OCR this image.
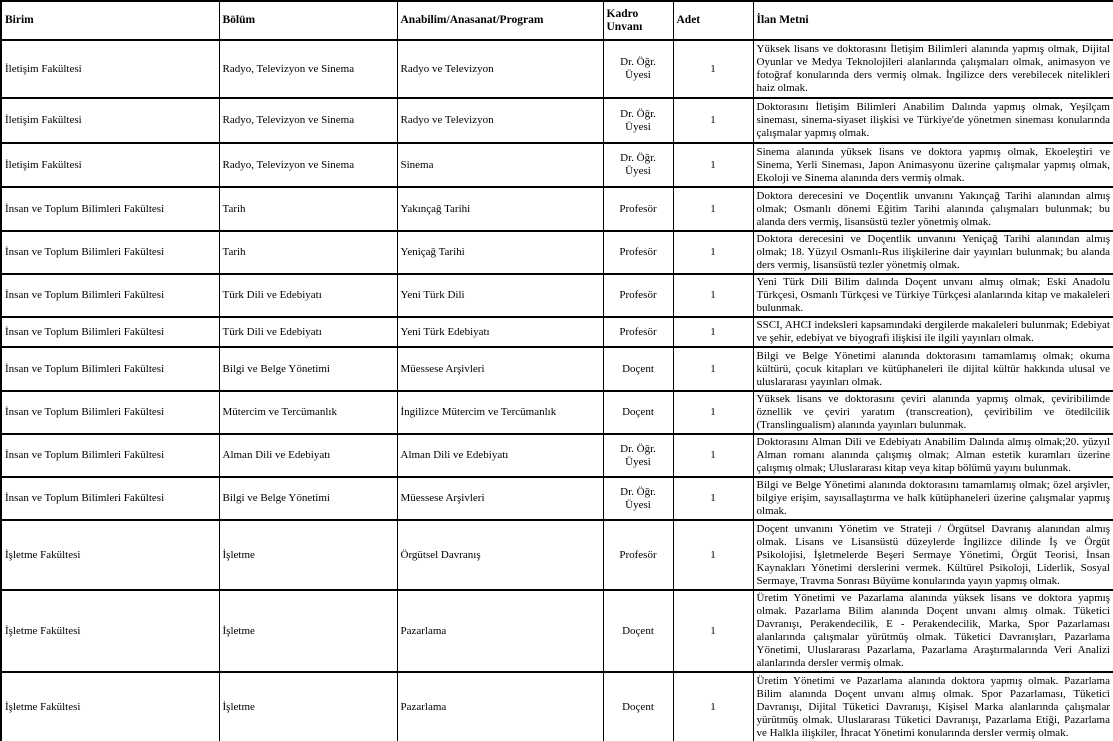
Birim	Bölüm	Anabilim/Anasanat/Program	Kadro Unvanı	Adet	İlan Metni
İletişim Fakültesi	Radyo, Televizyon ve Sinema	Radyo ve Televizyon	Dr. Öğr. Üyesi	1	Yüksek lisans ve doktorasını İletişim Bilimleri alanında yapmış olmak, Dijital Oyunlar ve Medya Teknolojileri alanlarında çalışmaları olmak, animasyon ve fotoğraf konularında ders vermiş olmak. İngilizce ders verebilecek nitelikleri haiz olmak.
İletişim Fakültesi	Radyo, Televizyon ve Sinema	Radyo ve Televizyon	Dr. Öğr. Üyesi	1	Doktorasını İletişim Bilimleri Anabilim Dalında yapmış olmak, Yeşilçam sineması, sinema-siyaset ilişkisi ve Türkiye'de yönetmen sineması konularında çalışmalar yapmış olmak.
İletişim Fakültesi	Radyo, Televizyon ve Sinema	Sinema	Dr. Öğr. Üyesi	1	Sinema alanında yüksek lisans ve doktora yapmış olmak, Ekoeleştiri ve Sinema, Yerli Sineması, Japon Animasyonu üzerine çalışmalar yapmış olmak, Ekoloji ve Sinema alanında ders vermiş olmak.
İnsan ve Toplum Bilimleri Fakültesi	Tarih	Yakınçağ Tarihi	Profesör	1	Doktora derecesini ve Doçentlik unvanını Yakınçağ Tarihi alanından almış olmak; Osmanlı dönemi Eğitim Tarihi alanında çalışmaları bulunmak; bu alanda ders vermiş, lisansüstü tezler yönetmiş olmak.
İnsan ve Toplum Bilimleri Fakültesi	Tarih	Yeniçağ Tarihi	Profesör	1	Doktora derecesini ve Doçentlik unvanını Yeniçağ Tarihi alanından almış olmak; 18. Yüzyıl Osmanlı-Rus ilişkilerine dair yayınları bulunmak; bu alanda ders vermiş, lisansüstü tezler yönetmiş olmak.
İnsan ve Toplum Bilimleri Fakültesi	Türk Dili ve Edebiyatı	Yeni Türk Dili	Profesör	1	Yeni Türk Dili Bilim dalında Doçent unvanı almış olmak; Eski Anadolu Türkçesi, Osmanlı Türkçesi ve Türkiye Türkçesi alanlarında kitap ve makaleleri bulunmak.
İnsan ve Toplum Bilimleri Fakültesi	Türk Dili ve Edebiyatı	Yeni Türk Edebiyatı	Profesör	1	SSCI, AHCI indeksleri kapsamındaki dergilerde makaleleri bulunmak; Edebiyat ve şehir, edebiyat ve biyografi ilişkisi ile ilgili yayınları olmak.
İnsan ve Toplum Bilimleri Fakültesi	Bilgi ve Belge Yönetimi	Müessese Arşivleri	Doçent	1	Bilgi ve Belge Yönetimi alanında doktorasını tamamlamış olmak; okuma kültürü, çocuk kitapları ve kütüphaneleri ile dijital kültür hakkında ulusal ve uluslararası yayınları olmak.
İnsan ve Toplum Bilimleri Fakültesi	Mütercim ve Tercümanlık	İngilizce Mütercim ve Tercümanlık	Doçent	1	Yüksek lisans ve doktorasını çeviri alanında yapmış olmak, çeviribilimde öznellik ve çeviri yaratım (transcreation), çeviribilim ve ötedilcilik (Translingualism) alanında yayınları bulunmak.
İnsan ve Toplum Bilimleri Fakültesi	Alman Dili ve Edebiyatı	Alman Dili ve Edebiyatı	Dr. Öğr. Üyesi	1	Doktorasını Alman Dili ve Edebiyatı Anabilim Dalında almış olmak;20. yüzyıl Alman romanı alanında çalışmış olmak; Alman estetik kuramları üzerine çalışmış olmak; Uluslararası kitap veya kitap bölümü yayını bulunmak.
İnsan ve Toplum Bilimleri Fakültesi	Bilgi ve Belge Yönetimi	Müessese Arşivleri	Dr. Öğr. Üyesi	1	Bilgi ve Belge Yönetimi alanında doktorasını tamamlamış olmak; özel arşivler, bilgiye erişim, sayısallaştırma ve halk kütüphaneleri üzerine çalışmalar yapmış olmak.
İşletme Fakültesi	İşletme	Örgütsel Davranış	Profesör	1	Doçent unvanını Yönetim ve Strateji / Örgütsel Davranış alanından almış olmak. Lisans ve Lisansüstü düzeylerde İngilizce dilinde İş ve Örgüt Psikolojisi, İşletmelerde Beşeri Sermaye Yönetimi, Örgüt Teorisi, İnsan Kaynakları Yönetimi derslerini vermek. Kültürel Psikoloji, Liderlik, Sosyal Sermaye, Travma Sonrası Büyüme konularında yayın yapmış olmak.
İşletme Fakültesi	İşletme	Pazarlama	Doçent	1	Üretim Yönetimi ve Pazarlama alanında yüksek lisans ve doktora yapmış olmak. Pazarlama Bilim alanında Doçent unvanı almış olmak. Tüketici Davranışı, Perakendecilik, E - Perakendecilik, Marka, Spor Pazarlaması alanlarında çalışmalar yürütmüş olmak. Tüketici Davranışları, Pazarlama Yönetimi, Uluslararası Pazarlama, Pazarlama Araştırmalarında Veri Analizi alanlarında dersler vermiş olmak.
İşletme Fakültesi	İşletme	Pazarlama	Doçent	1	Üretim Yönetimi ve Pazarlama alanında doktora yapmış olmak. Pazarlama Bilim alanında Doçent unvanı almış olmak. Spor Pazarlaması, Tüketici Davranışı, Dijital Tüketici Davranışı, Kişisel Marka alanlarında çalışmalar yürütmüş olmak. Uluslararası Tüketici Davranışı, Pazarlama Etiği, Pazarlama ve Halkla ilişkiler, İhracat Yönetimi konularında dersler vermiş olmak.
